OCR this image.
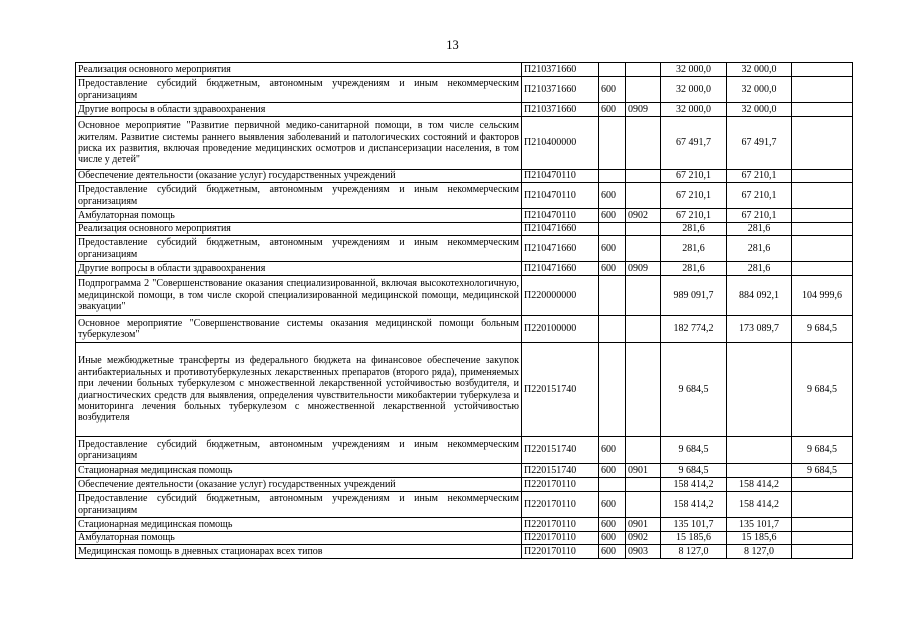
13
Реализация основного мероприятия	П210371660			32 000,0	32 000,0	
Предоставление субсидий бюджетным, автономным учреждениям и иным некоммерческим организациям	П210371660	600		32 000,0	32 000,0	
Другие вопросы в области здравоохранения	П210371660	600	0909	32 000,0	32 000,0	
Основное мероприятие "Развитие первичной медико-санитарной помощи, в том числе сельским жителям. Развитие системы раннего выявления заболеваний и патологических состояний и факторов риска их развития, включая проведение медицинских осмотров и диспансеризации населения, в том числе у детей"	П210400000			67 491,7	67 491,7	
Обеспечение деятельности (оказание услуг) государственных учреждений	П210470110			67 210,1	67 210,1	
Предоставление субсидий бюджетным, автономным учреждениям и иным некоммерческим организациям	П210470110	600		67 210,1	67 210,1	
Амбулаторная помощь	П210470110	600	0902	67 210,1	67 210,1	
Реализация основного мероприятия	П210471660			281,6	281,6	
Предоставление субсидий бюджетным, автономным учреждениям и иным некоммерческим организациям	П210471660	600		281,6	281,6	
Другие вопросы в области здравоохранения	П210471660	600	0909	281,6	281,6	
Подпрограмма 2 "Совершенствование оказания специализированной, включая высокотехнологичную, медицинской помощи, в том числе скорой специализированной медицинской помощи, медицинской эвакуации"	П220000000			989 091,7	884 092,1	104 999,6
Основное мероприятие "Совершенствование системы оказания медицинской помощи больным туберкулезом"	П220100000			182 774,2	173 089,7	9 684,5
Иные межбюджетные трансферты из федерального бюджета на финансовое обеспечение закупок антибактериальных и противотуберкулезных лекарственных препаратов (второго ряда), применяемых при лечении больных туберкулезом с множественной лекарственной устойчивостью возбудителя, и диагностических средств для выявления, определения чувствительности микобактерии туберкулеза и мониторинга лечения больных туберкулезом с множественной лекарственной устойчивостью возбудителя	П220151740			9 684,5		9 684,5
Предоставление субсидий бюджетным, автономным учреждениям и иным некоммерческим организациям	П220151740	600		9 684,5		9 684,5
Стационарная медицинская помощь	П220151740	600	0901	9 684,5		9 684,5
Обеспечение деятельности (оказание услуг) государственных учреждений	П220170110			158 414,2	158 414,2	
Предоставление субсидий бюджетным, автономным учреждениям и иным некоммерческим организациям	П220170110	600		158 414,2	158 414,2	
Стационарная медицинская помощь	П220170110	600	0901	135 101,7	135 101,7	
Амбулаторная помощь	П220170110	600	0902	15 185,6	15 185,6	
Медицинская помощь в дневных стационарах всех типов	П220170110	600	0903	8 127,0	8 127,0	
